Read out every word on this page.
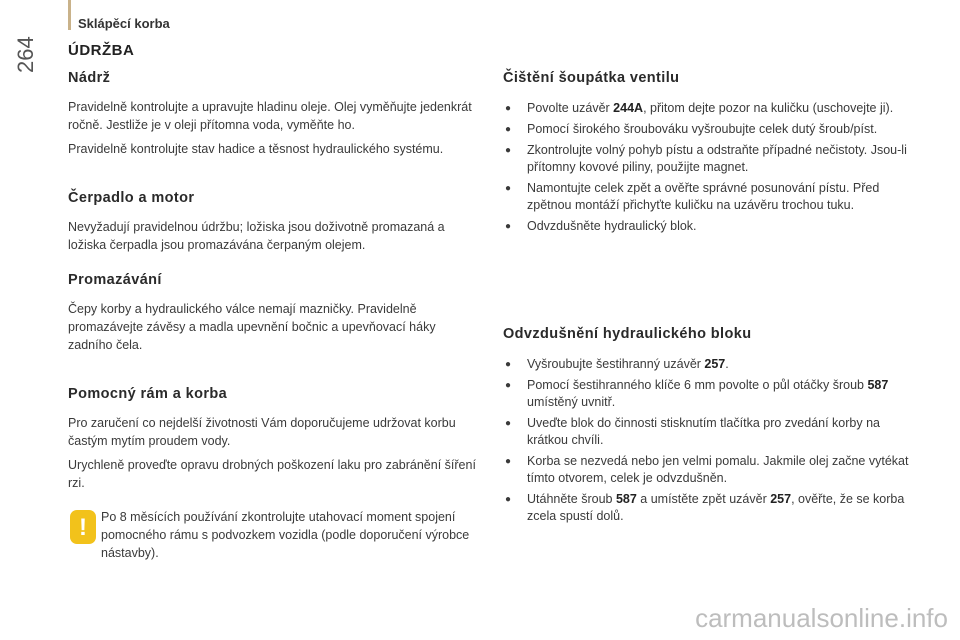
264
Sklápěcí korba
ÚDRŽBA
Nádrž

Pravidelně kontrolujte a upravujte hladinu oleje. Olej vyměňujte jedenkrát ročně. Jestliže je v oleji přítomna voda, vyměňte ho.

Pravidelně kontrolujte stav hadice a těsnost hydraulického systému.

Čerpadlo a motor

Nevyžadují pravidelnou údržbu; ložiska jsou doživotně promazaná a ložiska čerpadla jsou promazávána čerpaným olejem.

Promazávání

Čepy korby a hydraulického válce nemají mazničky. Pravidelně promazávejte závěsy a madla upevnění bočnic a upevňovací háky zadního čela.

Pomocný rám a korba

Pro zaručení co nejdelší životnosti Vám doporučujeme udržovat korbu častým mytím proudem vody.

Urychleně proveďte opravu drobných poškození laku pro zabránění šíření rzi.

!	Po 8 měsících používání zkontrolujte utahovací moment spojení pomocného rámu s podvozkem vozidla (podle doporučení výrobce nástavby).

Čištění šoupátka ventilu
● Povolte uzávěr 244A, přitom dejte pozor na kuličku (uschovejte ji).
● Pomocí širokého šroubováku vyšroubujte celek dutý šroub/píst.
● Zkontrolujte volný pohyb pístu a odstraňte případné nečistoty. Jsou-li přítomny kovové piliny, použijte magnet.
● Namontujte celek zpět a ověřte správné posunování pístu. Před zpětnou montáží přichyťte kuličku na uzávěru trochou tuku.
● Odvzdušněte hydraulický blok.
Odvzdušnění hydraulického bloku
● Vyšroubujte šestihranný uzávěr 257.
● Pomocí šestihranného klíče 6 mm povolte o půl otáčky šroub 587 umístěný uvnitř.
● Uveďte blok do činnosti stisknutím tlačítka pro zvedání korby na krátkou chvíli.
● Korba se nezvedá nebo jen velmi pomalu. Jakmile olej začne vytékat tímto otvorem, celek je odvzdušněn.
● Utáhněte šroub 587 a umístěte zpět uzávěr 257, ověřte, že se korba zcela spustí dolů.
carmanualsonline.info
